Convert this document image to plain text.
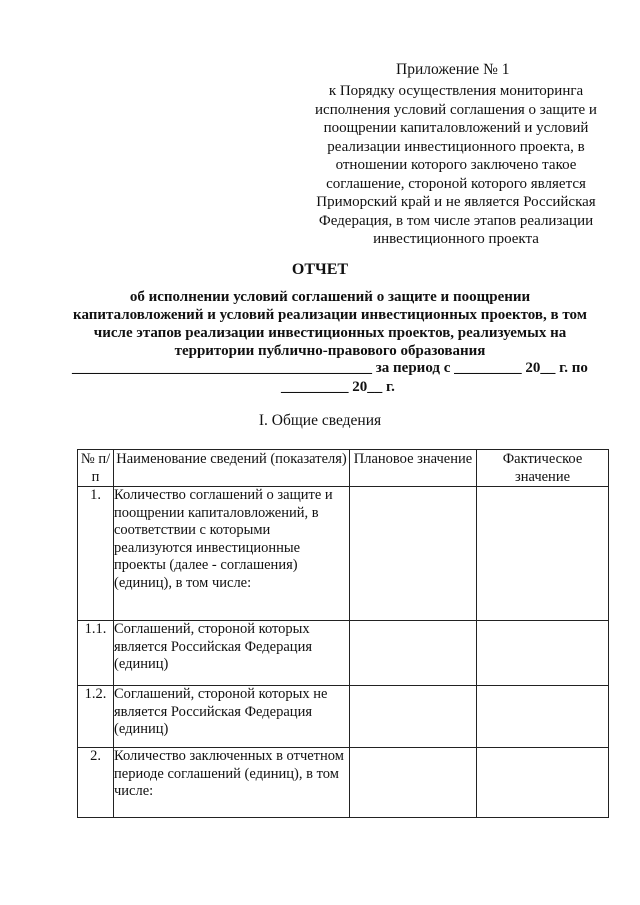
Приложение № 1
к Порядку осуществления мониторинга исполнения условий соглашения о защите и поощрении капиталовложений и условий реализации инвестиционного проекта, в отношении которого заключено такое соглашение, стороной которого является Приморский край и не является Российская Федерация, в том числе этапов реализации инвестиционного проекта
ОТЧЕТ
об исполнении условий соглашений о защите и поощрении капиталовложений и условий реализации инвестиционных проектов, в том числе этапов реализации инвестиционных проектов, реализуемых на территории публично-правового образования
________________________________________ за период с _________ 20__ г. по
_________ 20__ г.
I. Общие сведения
№ п/п	Наименование сведений (показателя)	Плановое значение	Фактическое значение
1.	Количество соглашений о защите и поощрении капиталовложений, в соответствии с которыми реализуются инвестиционные проекты (далее - соглашения) (единиц), в том числе:		
1.1.	Соглашений, стороной которых является Российская Федерация (единиц)		
1.2.	Соглашений, стороной которых не является Российская Федерация (единиц)		
2.	Количество заключенных в отчетном периоде соглашений (единиц), в том числе:		
